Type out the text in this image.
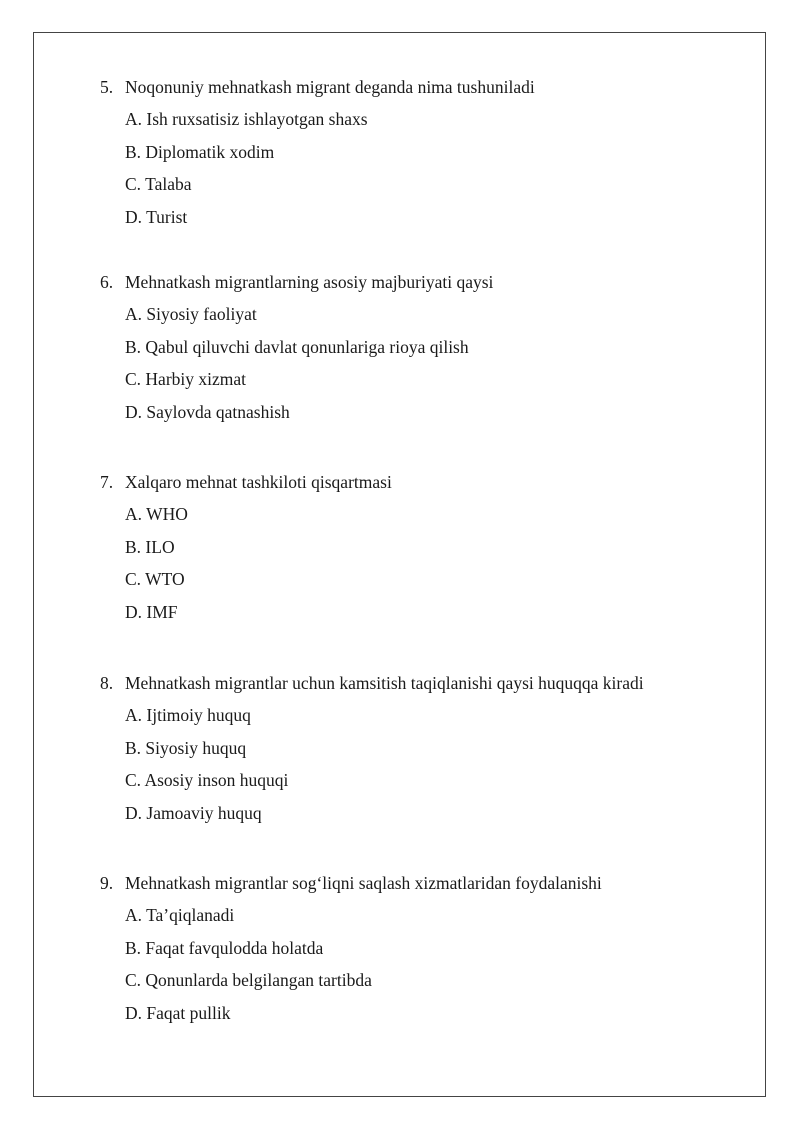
5. Noqonuniy mehnatkash migrant deganda nima tushuniladi
A. Ish ruxsatisiz ishlayotgan shaxs
B. Diplomatik xodim
C. Talaba
D. Turist
6. Mehnatkash migrantlarning asosiy majburiyati qaysi
A. Siyosiy faoliyat
B. Qabul qiluvchi davlat qonunlariga rioya qilish
C. Harbiy xizmat
D. Saylovda qatnashish
7. Xalqaro mehnat tashkiloti qisqartmasi
A. WHO
B. ILO
C. WTO
D. IMF
8. Mehnatkash migrantlar uchun kamsitish taqiqlanishi qaysi huquqqa kiradi
A. Ijtimoiy huquq
B. Siyosiy huquq
C. Asosiy inson huquqi
D. Jamoaviy huquq
9. Mehnatkash migrantlar sog‘liqni saqlash xizmatlaridan foydalanishi
A. Ta’qiqlanadi
B. Faqat favqulodda holatda
C. Qonunlarda belgilangan tartibda
D. Faqat pullik
